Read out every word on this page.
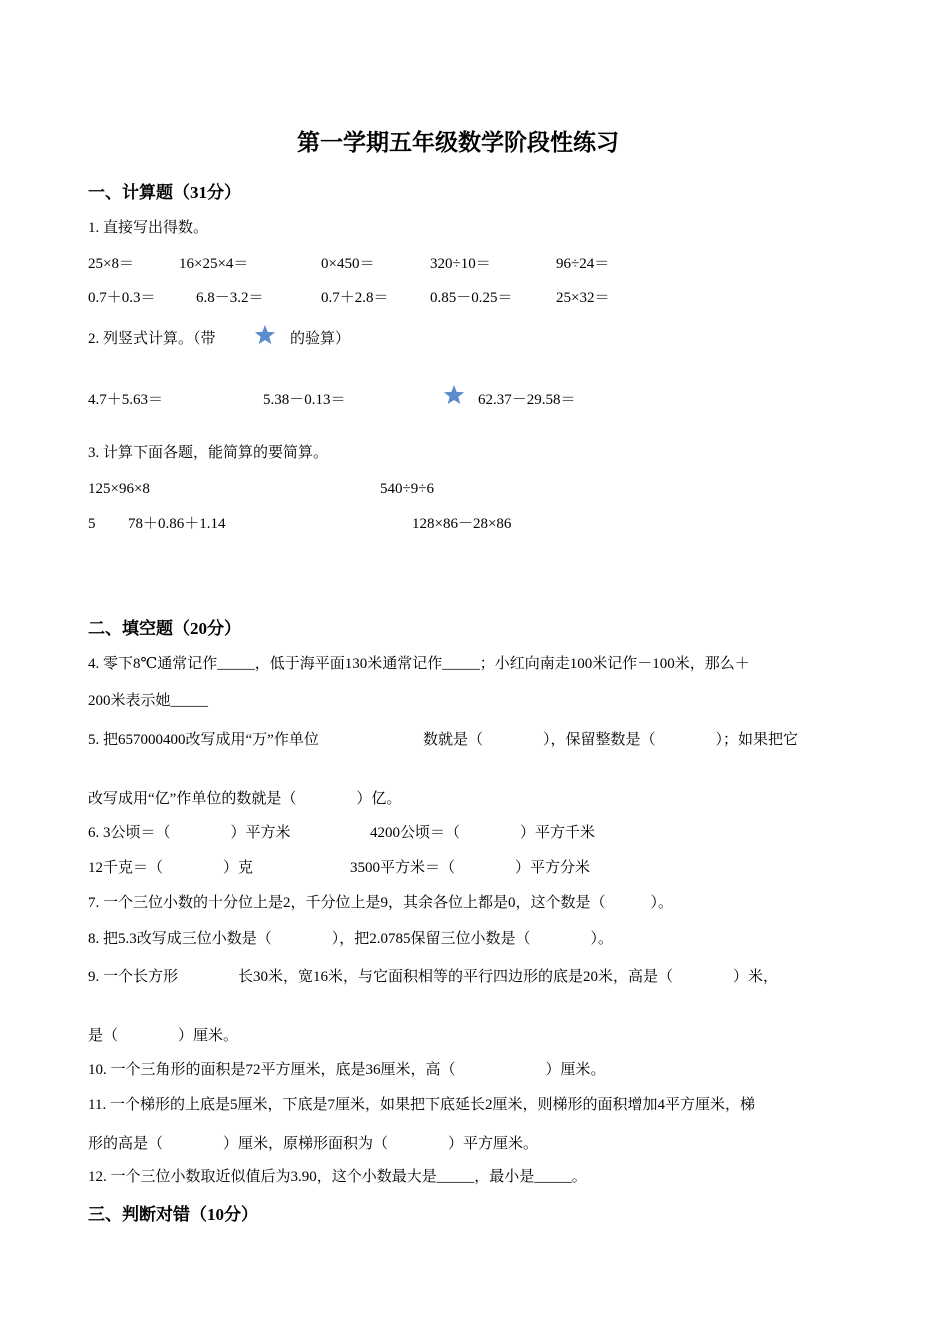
第一学期五年级数学阶段性练习
一、计算题（31分）
1. 直接写出得数。
25×8＝	16×25×4＝	0×450＝	320÷10＝	96÷24＝
0.7＋0.3＝	6.8－3.2＝	0.7＋2.8＝	0.85－0.25＝	25×32＝
2. 列竖式计算。（带	的验算）
4.7＋5.63＝	5.38－0.13＝	62.37－29.58＝
3. 计算下面各题，能简算的要简算。
125×96×8	540÷9÷6
5 78＋0.86＋1.14	128×86－28×86
二、填空题（20分）
4. 零下8℃通常记作_____，低于海平面130米通常记作_____；小红向南走100米记作－100米，那么＋
200米表示她_____
5. 把657000400改写成用“万”作单位	数就是（　　　　），保留整数是（　　　　）；如果把它
改写成用“亿”作单位的数就是（　　　　）亿。
6. 3公顷＝（　　　　）平方米	4200公顷＝（　　　　）平方千米
12千克＝（　　　　）克	3500平方米＝（　　　　）平方分米
7. 一个三位小数的十分位上是2，千分位上是9，其余各位上都是0，这个数是（　　　）。
8. 把5.3改写成三位小数是（　　　　），把2.0785保留三位小数是（　　　　）。
9. 一个长方形	长30米，宽16米，与它面积相等的平行四边形的底是20米，高是（　　　　）米，
是（　　　　）厘米。
10. 一个三角形的面积是72平方厘米，底是36厘米，高（　　　　　　）厘米。
11. 一个梯形的上底是5厘米，下底是7厘米，如果把下底延长2厘米，则梯形的面积增加4平方厘米，梯
形的高是（　　　　）厘米，原梯形面积为（　　　　）平方厘米。
12. 一个三位小数取近似值后为3.90，这个小数最大是_____，最小是_____。
三、判断对错（10分）
